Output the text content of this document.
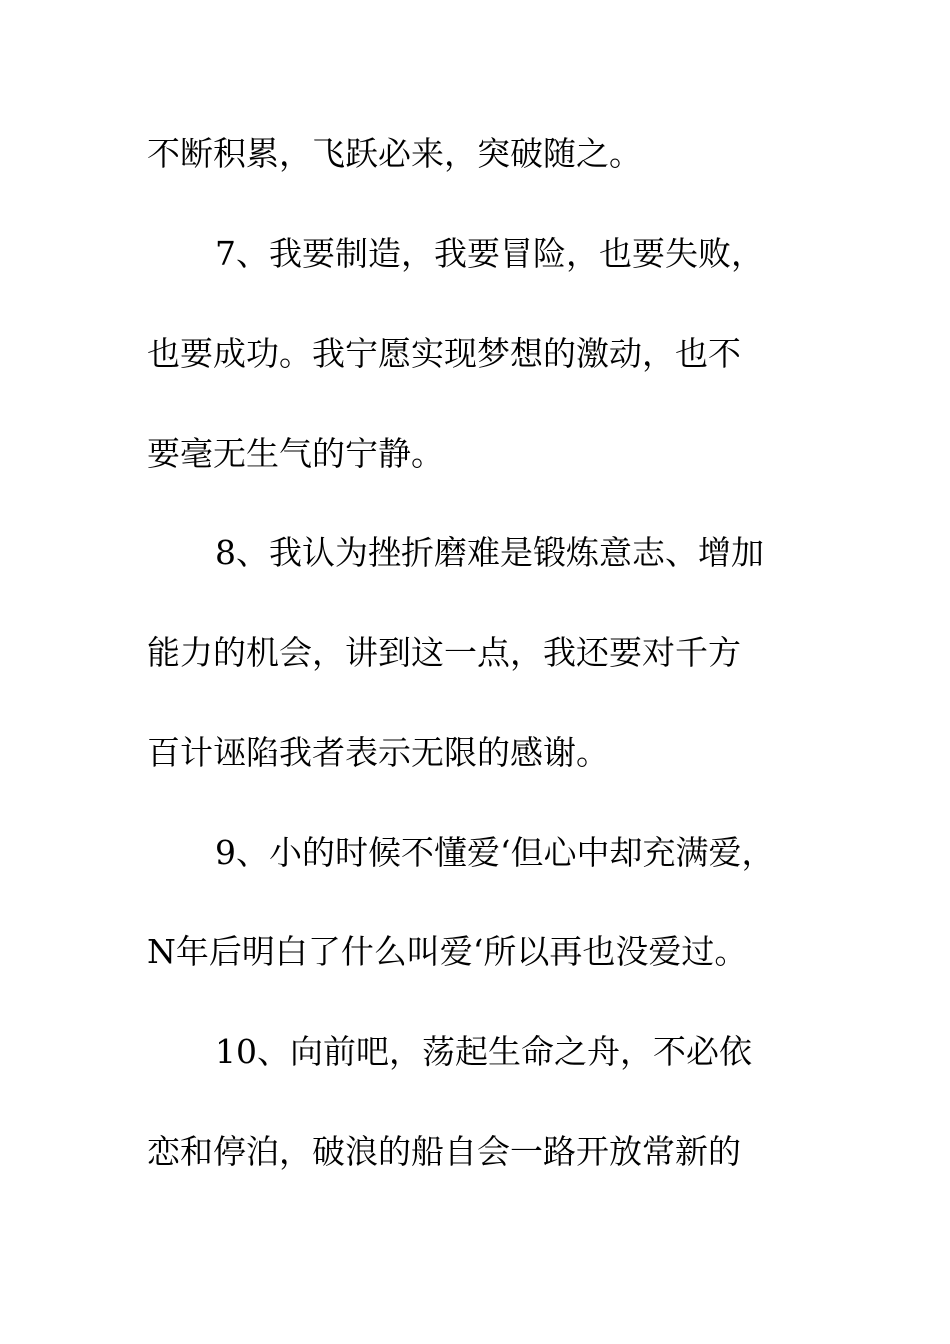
不断积累，飞跃必来，突破随之。
7、我要制造，我要冒险，也要失败，
也要成功。我宁愿实现梦想的激动，也不
要毫无生气的宁静。
8、我认为挫折磨难是锻炼意志、增加
能力的机会，讲到这一点，我还要对千方
百计诬陷我者表示无限的感谢。
9、小的时候不懂爱‘但心中却充满爱，
N年后明白了什么叫爱‘所以再也没爱过。
10、向前吧，荡起生命之舟，不必依
恋和停泊，破浪的船自会一路开放常新的
